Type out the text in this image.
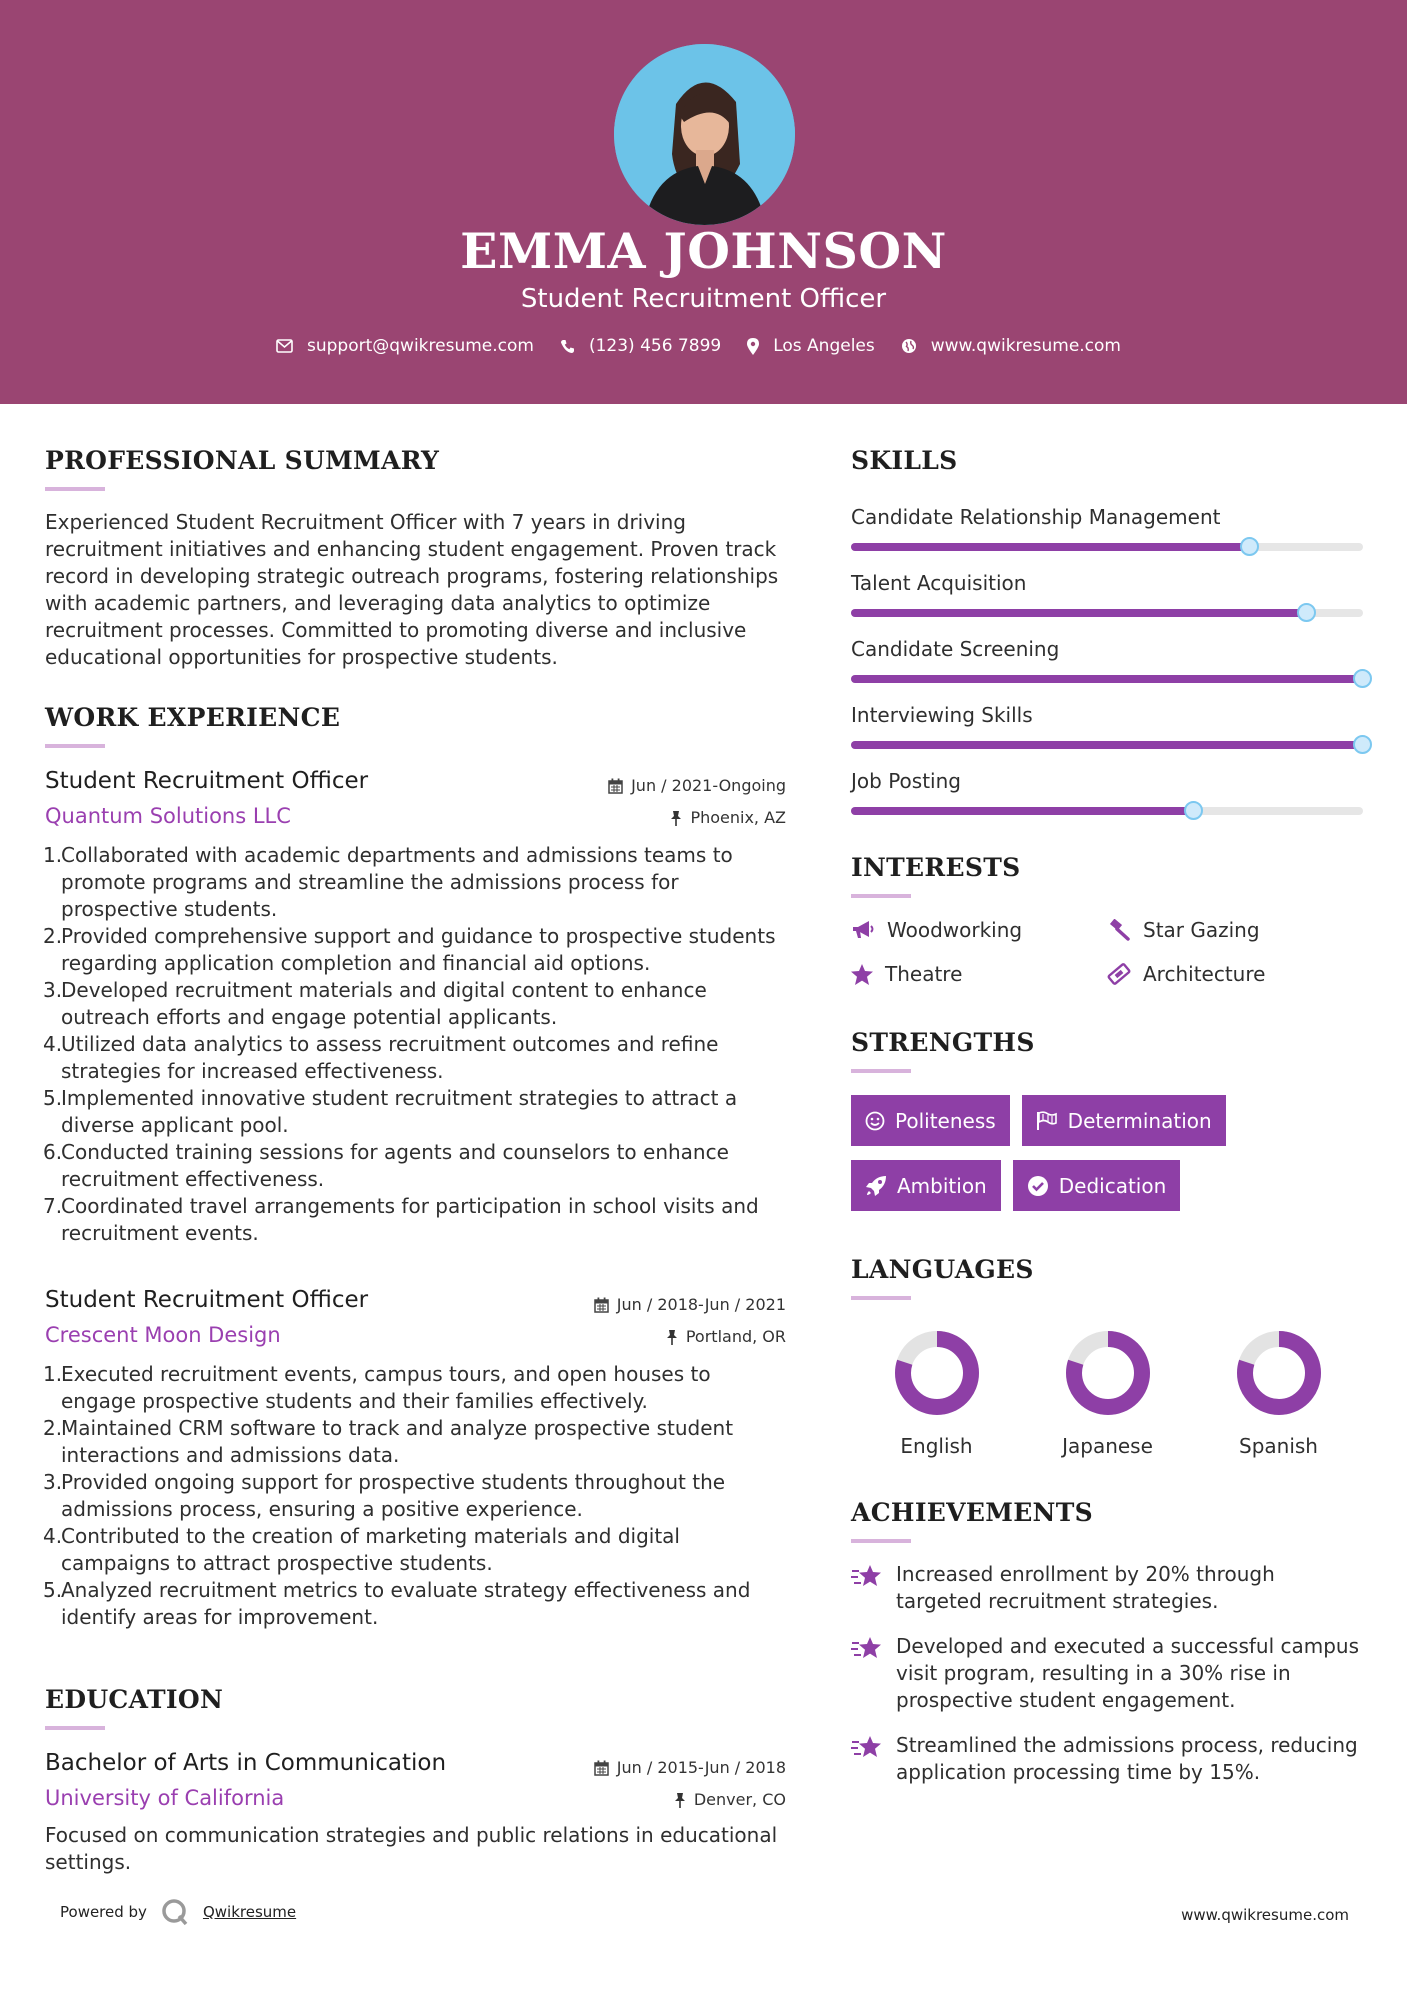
EMMA JOHNSON
Student Recruitment Officer
support@qwikresume.com	(123) 456 7899	Los Angeles	www.qwikresume.com
PROFESSIONAL SUMMARY
Experienced Student Recruitment Officer with 7 years in driving recruitment initiatives and enhancing student engagement. Proven track record in developing strategic outreach programs, fostering relationships with academic partners, and leveraging data analytics to optimize recruitment processes. Committed to promoting diverse and inclusive educational opportunities for prospective students.
WORK EXPERIENCE
Student Recruitment Officer
Quantum Solutions LLC
Jun / 2021-Ongoing
Phoenix, AZ
1.
Collaborated with academic departments and admissions teams to promote programs and streamline the admissions process for prospective students.
2.
Provided comprehensive support and guidance to prospective students regarding application completion and financial aid options.
3.
Developed recruitment materials and digital content to enhance outreach efforts and engage potential applicants.
4.
Utilized data analytics to assess recruitment outcomes and refine strategies for increased effectiveness.
5.
Implemented innovative student recruitment strategies to attract a diverse applicant pool.
6.
Conducted training sessions for agents and counselors to enhance recruitment effectiveness.
7.
Coordinated travel arrangements for participation in school visits and recruitment events.
Student Recruitment Officer
Crescent Moon Design
Jun / 2018-Jun / 2021
Portland, OR
1.
Executed recruitment events, campus tours, and open houses to engage prospective students and their families effectively.
2.
Maintained CRM software to track and analyze prospective student interactions and admissions data.
3.
Provided ongoing support for prospective students throughout the admissions process, ensuring a positive experience.
4.
Contributed to the creation of marketing materials and digital campaigns to attract prospective students.
5.
Analyzed recruitment metrics to evaluate strategy effectiveness and identify areas for improvement.
EDUCATION
Bachelor of Arts in Communication
University of California
Jun / 2015-Jun / 2018
Denver, CO
Focused on communication strategies and public relations in educational settings.
SKILLS
Candidate Relationship Management
Talent Acquisition
Candidate Screening
Interviewing Skills
Job Posting
INTERESTS
Woodworking	Star Gazing
Theatre	Architecture
STRENGTHS
Politeness	Determination
Ambition	Dedication
LANGUAGES
English	Japanese	Spanish
ACHIEVEMENTS
Increased enrollment by 20% through targeted recruitment strategies.
Developed and executed a successful campus visit program, resulting in a 30% rise in prospective student engagement.
Streamlined the admissions process, reducing application processing time by 15%.
Powered by	Qwikresume	www.qwikresume.com
